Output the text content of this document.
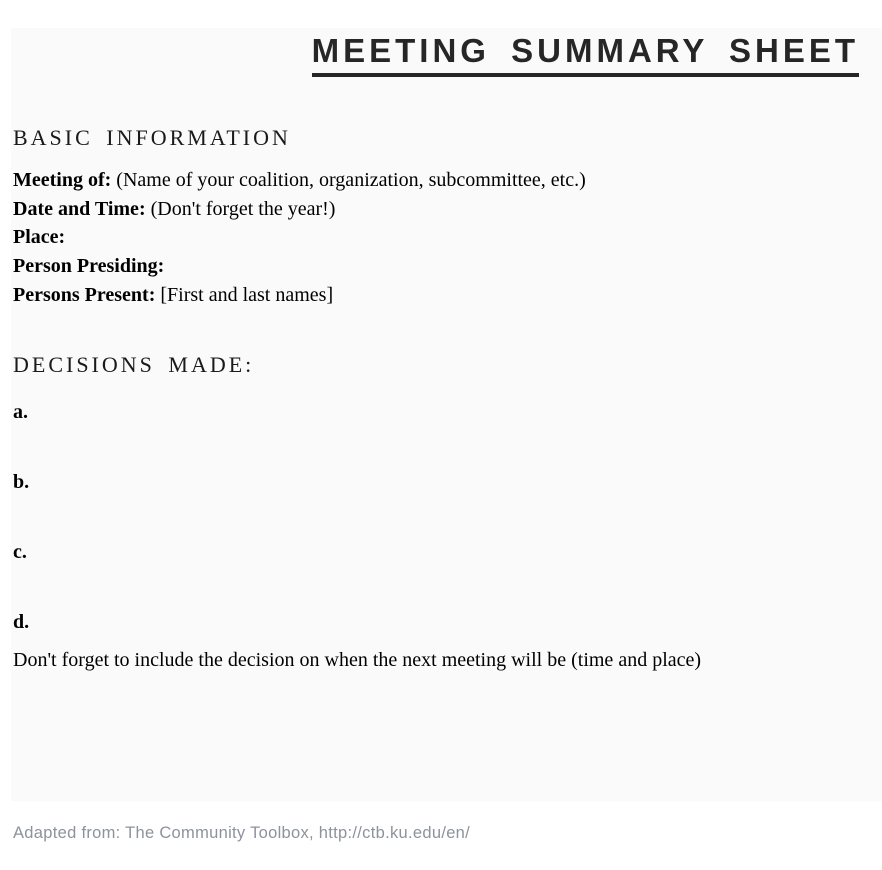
MEETING SUMMARY SHEET
BASIC INFORMATION
Meeting of: (Name of your coalition, organization, subcommittee, etc.)
Date and Time: (Don't forget the year!)
Place:
Person Presiding:
Persons Present: [First and last names]
DECISIONS MADE:
a.
b.
c.
d.
Don't forget to include the decision on when the next meeting will be (time and place)
Adapted from: The Community Toolbox, http://ctb.ku.edu/en/
